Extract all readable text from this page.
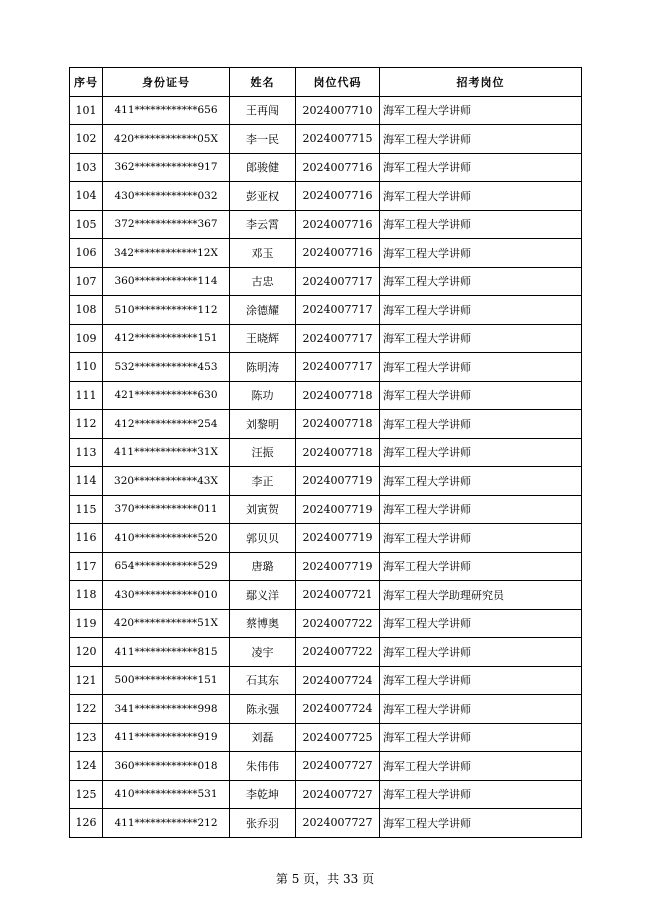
序号	身份证号	姓名	岗位代码	招考岗位
101	411************656	王再闯	2024007710	海军工程大学讲师
102	420************05X	李一民	2024007715	海军工程大学讲师
103	362************917	郎骏健	2024007716	海军工程大学讲师
104	430************032	彭亚权	2024007716	海军工程大学讲师
105	372************367	李云霄	2024007716	海军工程大学讲师
106	342************12X	邓玉	2024007716	海军工程大学讲师
107	360************114	古忠	2024007717	海军工程大学讲师
108	510************112	涂德耀	2024007717	海军工程大学讲师
109	412************151	王晓辉	2024007717	海军工程大学讲师
110	532************453	陈明涛	2024007717	海军工程大学讲师
111	421************630	陈功	2024007718	海军工程大学讲师
112	412************254	刘黎明	2024007718	海军工程大学讲师
113	411************31X	汪振	2024007718	海军工程大学讲师
114	320************43X	李正	2024007719	海军工程大学讲师
115	370************011	刘寅贺	2024007719	海军工程大学讲师
116	410************520	郭贝贝	2024007719	海军工程大学讲师
117	654************529	唐璐	2024007719	海军工程大学讲师
118	430************010	鄢义洋	2024007721	海军工程大学助理研究员
119	420************51X	蔡博奥	2024007722	海军工程大学讲师
120	411************815	凌宇	2024007722	海军工程大学讲师
121	500************151	石其东	2024007724	海军工程大学讲师
122	341************998	陈永强	2024007724	海军工程大学讲师
123	411************919	刘磊	2024007725	海军工程大学讲师
124	360************018	朱伟伟	2024007727	海军工程大学讲师
125	410************531	李乾坤	2024007727	海军工程大学讲师
126	411************212	张乔羽	2024007727	海军工程大学讲师
第 5 页，共 33 页
